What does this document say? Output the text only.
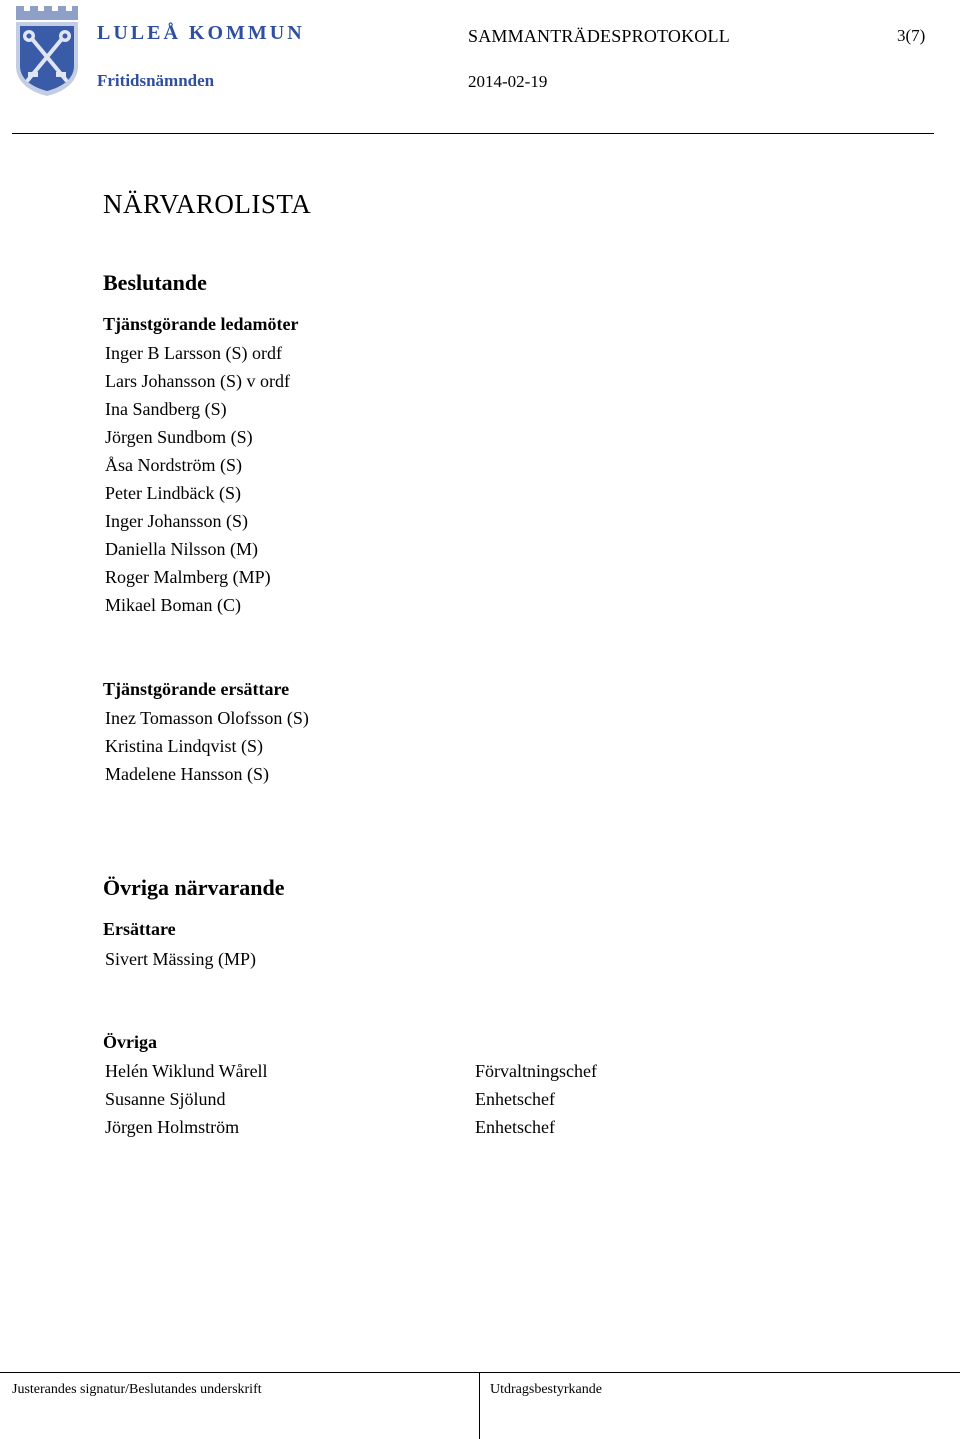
LULEÅ KOMMUN
Fritidsnämnden
SAMMANTRÄDESPROTOKOLL	3(7)
2014-02-19
NÄRVAROLISTA
Beslutande
Tjänstgörande ledamöter
Inger B Larsson (S) ordf
Lars Johansson (S) v ordf
Ina Sandberg (S)
Jörgen Sundbom (S)
Åsa Nordström (S)
Peter Lindbäck (S)
Inger Johansson (S)
Daniella Nilsson (M)
Roger Malmberg (MP)
Mikael Boman (C)
Tjänstgörande ersättare
Inez Tomasson Olofsson (S)
Kristina Lindqvist (S)
Madelene Hansson (S)
Övriga närvarande
Ersättare
Sivert Mässing (MP)
Övriga
Helén Wiklund Wårell	Förvaltningschef
Susanne Sjölund	Enhetschef
Jörgen Holmström	Enhetschef
Justerandes signatur/Beslutandes underskrift	Utdragsbestyrkande
